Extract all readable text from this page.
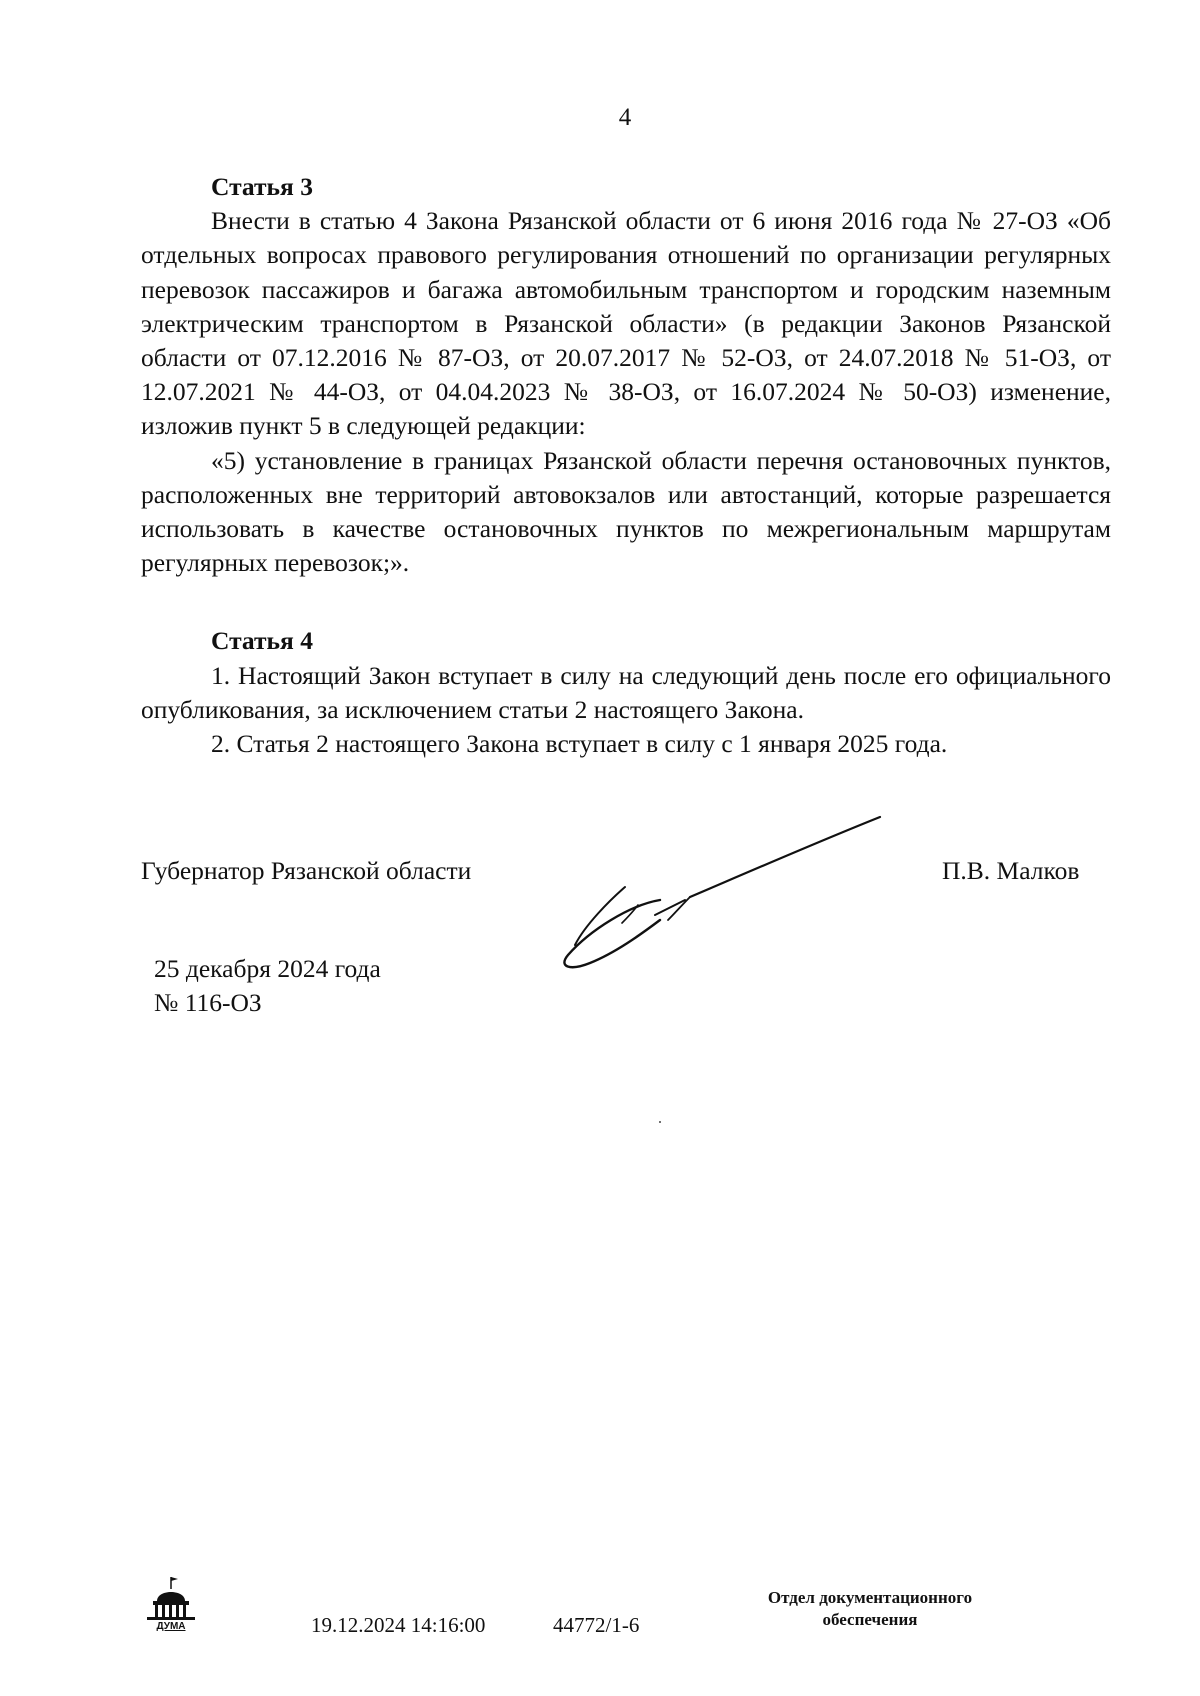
4
Статья 3

Внести в статью 4 Закона Рязанской области от 6 июня 2016 года № 27-ОЗ «Об отдельных вопросах правового регулирования отношений по организации регулярных перевозок пассажиров и багажа автомобильным транспортом и городским наземным электрическим транспортом в Рязанской области» (в редакции Законов Рязанской области от 07.12.2016 № 87-ОЗ, от 20.07.2017 № 52-ОЗ, от 24.07.2018 № 51-ОЗ, от 12.07.2021 № 44-ОЗ, от 04.04.2023 № 38-ОЗ, от 16.07.2024 № 50-ОЗ) изменение, изложив пункт 5 в следующей редакции:

«5) установление в границах Рязанской области перечня остановочных пунктов, расположенных вне территорий автовокзалов или автостанций, которые разрешается использовать в качестве остановочных пунктов по межрегиональным маршрутам регулярных перевозок;».

Статья 4

1. Настоящий Закон вступает в силу на следующий день после его официального опубликования, за исключением статьи 2 настоящего Закона.

2. Статья 2 настоящего Закона вступает в силу с 1 января 2025 года.

Губернатор Рязанской области	П.В. Малков
25 декабря 2024 года
№ 116-ОЗ
ДУМА	19.12.2024 14:16:00	44772/1-6
Отдел документационного
обеспечения
